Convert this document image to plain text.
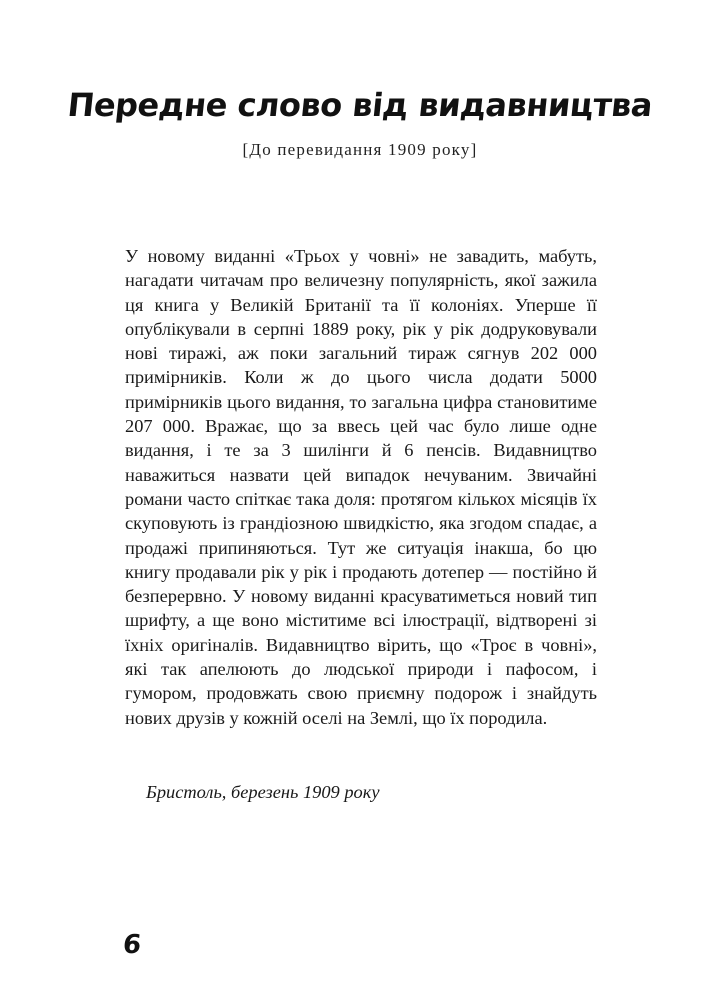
Передне слово від видавництва
[До перевидання 1909 року]

У новому виданні «Трьох у човні» не завадить, мабуть, нагадати читачам про величезну популярність, якої зажила ця книга у Великій Британії та її колоніях. Уперше її опублікували в серпні 1889 року, рік у рік додруковували нові тиражі, аж поки загальний тираж сягнув 202 000 примірників. Коли ж до цього числа додати 5000 примірників цього видання, то загальна цифра становитиме 207 000. Вражає, що за ввесь цей час було лише одне видання, і те за 3 шилінги й 6 пенсів. Видавництво наважиться назвати цей випадок нечуваним. Звичайні романи часто спіткає така доля: протягом кількох місяців їх скуповують із грандіозною швидкістю, яка згодом спадає, а продажі припиняються. Тут же ситуація інакша, бо цю книгу продавали рік у рік і продають дотепер — постійно й безперервно. У новому виданні красуватиметься новий тип шрифту, а ще воно міститиме всі ілюстрації, відтворені зі їхніх оригіналів. Видавництво вірить, що «Троє в човні», які так апелюють до людської природи і пафосом, і гумором, продовжать свою приємну подорож і знайдуть нових друзів у кожній оселі на Землі, що їх породила.

Бристоль, березень 1909 року
6
